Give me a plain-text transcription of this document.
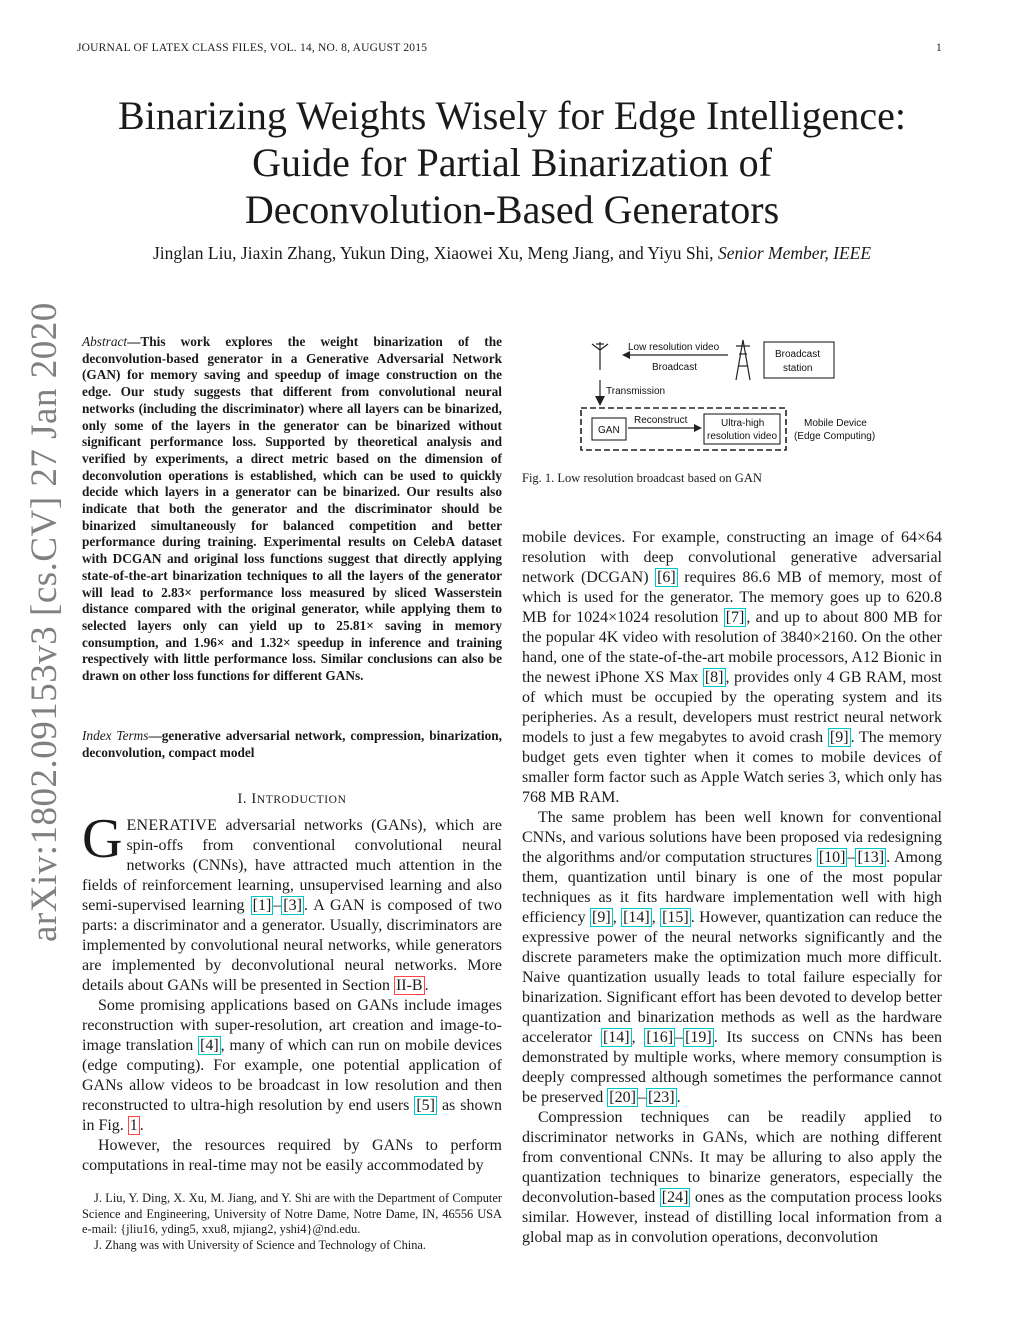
JOURNAL OF LATEX CLASS FILES, VOL. 14, NO. 8, AUGUST 2015	1
Binarizing Weights Wisely for Edge Intelligence:
Guide for Partial Binarization of
Deconvolution-Based Generators
Jinglan Liu, Jiaxin Zhang, Yukun Ding, Xiaowei Xu, Meng Jiang, and Yiyu Shi, Senior Member, IEEE
arXiv:1802.09153v3 [cs.CV] 27 Jan 2020	Abstract—This work explores the weight binarization of the deconvolution-based generator in a Generative Adversarial Network (GAN) for memory saving and speedup of image construction on the edge. Our study suggests that different from convolutional neural networks (including the discriminator) where all layers can be binarized, only some of the layers in the generator can be binarized without significant performance loss. Supported by theoretical analysis and verified by experiments, a direct metric based on the dimension of deconvolution operations is established, which can be used to quickly decide which layers in a generator can be binarized. Our results also indicate that both the generator and the discriminator should be binarized simultaneously for balanced competition and better performance during training. Experimental results on CelebA dataset with DCGAN and original loss functions suggest that directly applying state-of-the-art binarization techniques to all the layers of the generator will lead to 2.83× performance loss measured by sliced Wasserstein distance compared with the original generator, while applying them to selected layers only can yield up to 25.81× saving in memory consumption, and 1.96× and 1.32× speedup in inference and training respectively with little performance loss. Similar conclusions can also be drawn on other loss functions for different GANs.
Index Terms—generative adversarial network, compression, binarization, deconvolution, compact model
I. INTRODUCTION

GENERATIVE adversarial networks (GANs), which are spin-offs from conventional convolutional neural networks (CNNs), have attracted much attention in the fields of reinforcement learning, unsupervised learning and also semi-supervised learning [1] – [3] . A GAN is composed of two parts: a discriminator and a generator. Usually, discriminators are implemented by convolutional neural networks, while generators are implemented by deconvolutional neural networks. More details about GANs will be presented in Section II-B .

Some promising applications based on GANs include images reconstruction with super-resolution, art creation and image-to-image translation [4] , many of which can run on mobile devices (edge computing). For example, one potential application of GANs allow videos to be broadcast in low resolution and then reconstructed to ultra-high resolution by end users [5] as shown in Fig. 1 .

However, the resources required by GANs to perform computations in real-time may not be easily accommodated by

J. Liu, Y. Ding, X. Xu, M. Jiang, and Y. Shi are with the Department of Computer Science and Engineering, University of Notre Dame, Notre Dame, IN, 46556 USA e-mail: {jliu16, yding5, xxu8, mjiang2, yshi4}@nd.edu.

J. Zhang was with University of Science and Technology of China.

Low resolution video
Broadcast
Broadcast
station
Transmission
GAN
Reconstruct	Ultra-high
resolution video
Mobile Device
(Edge Computing)
Fig. 1. Low resolution broadcast based on GAN

mobile devices. For example, constructing an image of 64×64 resolution with deep convolutional generative adversarial network (DCGAN) [6] requires 86.6 MB of memory, most of which is used for the generator. The memory goes up to 620.8 MB for 1024×1024 resolution [7] , and up to about 800 MB for the popular 4K video with resolution of 3840×2160. On the other hand, one of the state-of-the-art mobile processors, A12 Bionic in the newest iPhone XS Max [8] , provides only 4 GB RAM, most of which must be occupied by the operating system and its peripheries. As a result, developers must restrict neural network models to just a few megabytes to avoid crash [9] . The memory budget gets even tighter when it comes to mobile devices of smaller form factor such as Apple Watch series 3, which only has 768 MB RAM.

The same problem has been well known for conventional CNNs, and various solutions have been proposed via redesigning the algorithms and/or computation structures [10] – [13] . Among them, quantization until binary is one of the most popular techniques as it fits hardware implementation well with high efficiency [9] , [14] , [15] . However, quantization can reduce the expressive power of the neural networks significantly and the discrete parameters make the optimization much more difficult. Naive quantization usually leads to total failure especially for binarization. Significant effort has been devoted to develop better quantization and binarization methods as well as the hardware accelerator [14] , [16] – [19] . Its success on CNNs has been demonstrated by multiple works, where memory consumption is deeply compressed although sometimes the performance cannot be preserved [20] – [23] .

Compression techniques can be readily applied to discriminator networks in GANs, which are nothing different from conventional CNNs. It may be alluring to also apply the quantization techniques to binarize generators, especially the deconvolution-based [24] ones as the computation process looks similar. However, instead of distilling local information from a global map as in convolution operations, deconvolution
